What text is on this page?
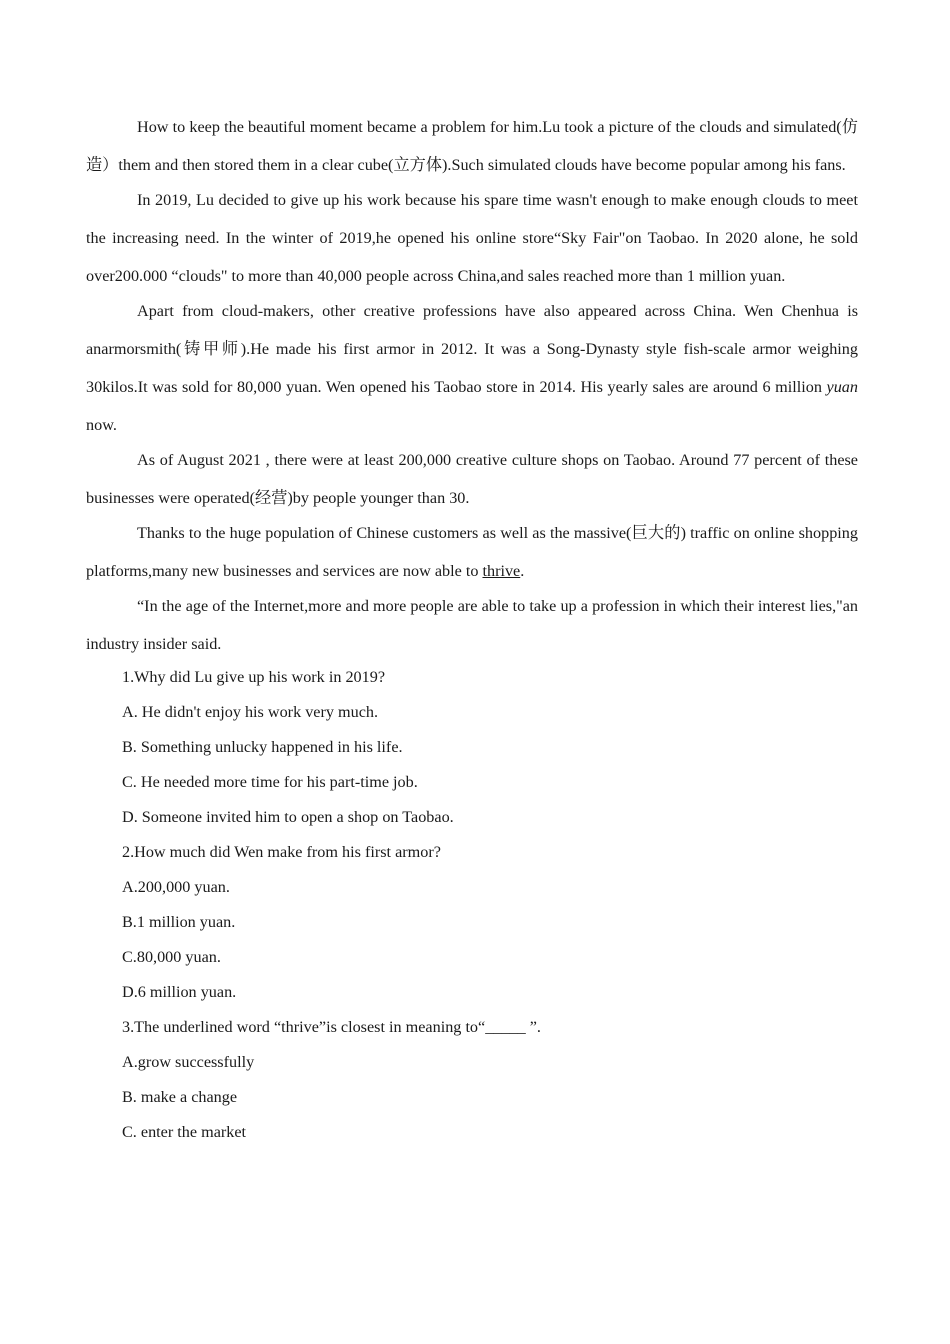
How to keep the beautiful moment became a problem for him.Lu took a picture of the clouds and simulated(仿造）them and then stored them in a clear cube(立方体).Such simulated clouds have become popular among his fans.

In 2019, Lu decided to give up his work because his spare time wasn't enough to make enough clouds to meet the increasing need. In the winter of 2019,he opened his online store“Sky Fair"on Taobao. In 2020 alone, he sold over200.000 “clouds" to more than 40,000 people across China,and sales reached more than 1 million yuan.

Apart from cloud-makers, other creative professions have also appeared across China. Wen Chenhua is anarmorsmith(铸甲师).He made his first armor in 2012. It was a Song-Dynasty style fish-scale armor weighing 30kilos.It was sold for 80,000 yuan. Wen opened his Taobao store in 2014. His yearly sales are around 6 million yuan now.

As of August 2021 , there were at least 200,000 creative culture shops on Taobao. Around 77 percent of these businesses were operated(经营)by people younger than 30.

Thanks to the huge population of Chinese customers as well as the massive(巨大的) traffic on online shopping platforms,many new businesses and services are now able to thrive.

“In the age of the Internet,more and more people are able to take up a profession in which their interest lies,"an industry insider said.

1.Why did Lu give up his work in 2019?

A. He didn't enjoy his work very much.

B. Something unlucky happened in his life.

C. He needed more time for his part-time job.

D. Someone invited him to open a shop on Taobao.

2.How much did Wen make from his first armor?

A.200,000 yuan.

B.1 million yuan.

C.80,000 yuan.

D.6 million yuan.

3.The underlined word “thrive”is closest in meaning to“_____ ”.

A.grow successfully

B. make a change

C. enter the market
